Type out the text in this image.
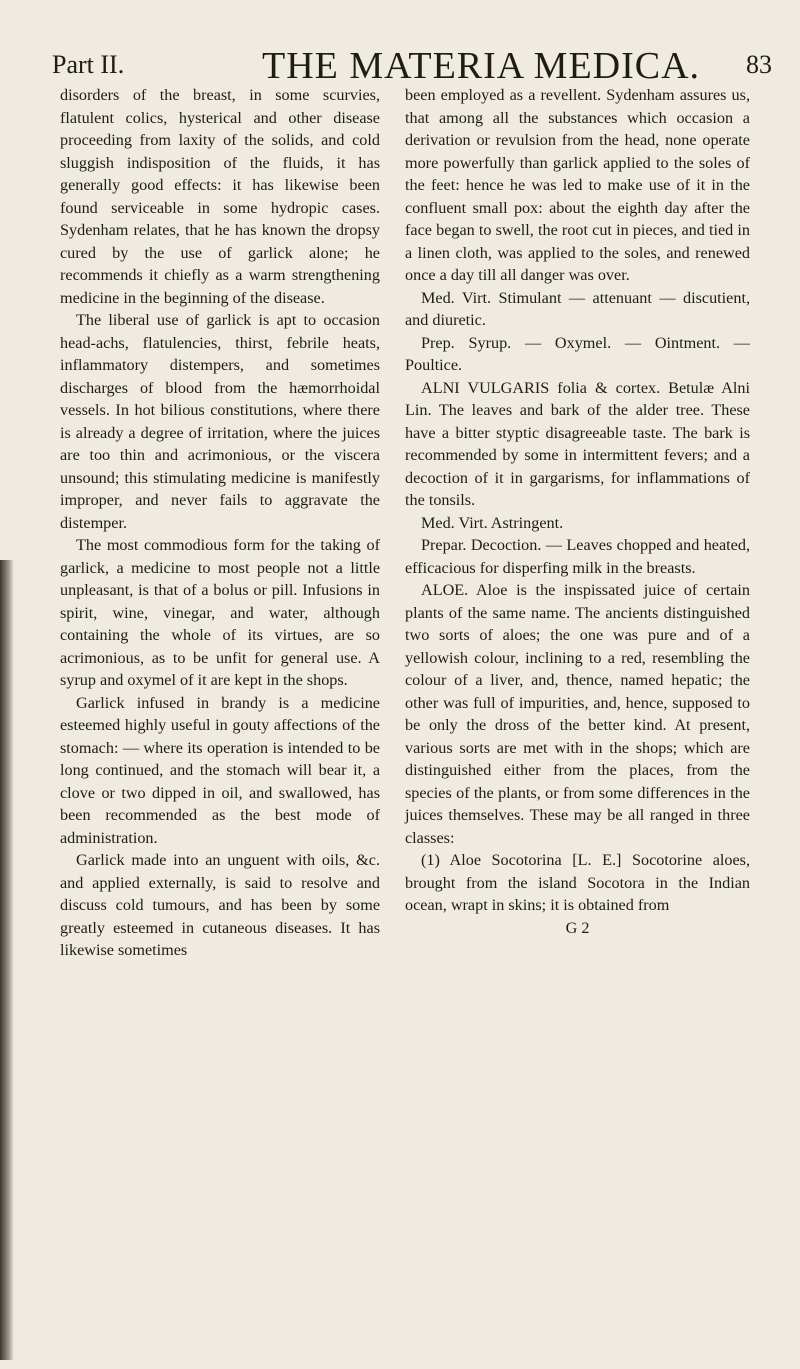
Part II.	THE MATERIA MEDICA. 83

disorders of the breast, in some scurvies, flatulent colics, hysterical and other disease proceeding from laxity of the solids, and cold sluggish indisposition of the fluids, it has generally good effects: it has likewise been found serviceable in some hydropic cases. Sydenham relates, that he has known the dropsy cured by the use of garlick alone; he recommends it chiefly as a warm strengthening medicine in the beginning of the disease.

The liberal use of garlick is apt to occasion head-achs, flatulencies, thirst, febrile heats, inflammatory distempers, and sometimes discharges of blood from the hæmorrhoidal vessels. In hot bilious constitutions, where there is already a degree of irritation, where the juices are too thin and acrimonious, or the viscera unsound; this stimulating medicine is manifestly improper, and never fails to aggravate the distemper.

The most commodious form for the taking of garlick, a medicine to most people not a little unpleasant, is that of a bolus or pill. Infusions in spirit, wine, vinegar, and water, although containing the whole of its virtues, are so acrimonious, as to be unfit for general use. A syrup and oxymel of it are kept in the shops.

Garlick infused in brandy is a medicine esteemed highly useful in gouty affections of the stomach: — where its operation is intended to be long continued, and the stomach will bear it, a clove or two dipped in oil, and swallowed, has been recommended as the best mode of administration.

Garlick made into an unguent with oils, &c. and applied externally, is said to resolve and discuss cold tumours, and has been by some greatly esteemed in cutaneous diseases. It has likewise sometimes

been employed as a revellent. Sydenham assures us, that among all the substances which occasion a derivation or revulsion from the head, none operate more powerfully than garlick applied to the soles of the feet: hence he was led to make use of it in the confluent small pox: about the eighth day after the face began to swell, the root cut in pieces, and tied in a linen cloth, was applied to the soles, and renewed once a day till all danger was over.

Med. Virt. Stimulant — attenuant — discutient, and diuretic.

Prep. Syrup. — Oxymel. — Ointment. — Poultice.

ALNI VULGARIS folia & cortex. Betulæ Alni Lin. The leaves and bark of the alder tree. These have a bitter styptic disagreeable taste. The bark is recommended by some in intermittent fevers; and a decoction of it in gargarisms, for inflammations of the tonsils.

Med. Virt. Astringent.

Prepar. Decoction. — Leaves chopped and heated, efficacious for disperfing milk in the breasts.

ALOE. Aloe is the inspissated juice of certain plants of the same name. The ancients distinguished two sorts of aloes; the one was pure and of a yellowish colour, inclining to a red, resembling the colour of a liver, and, thence, named hepatic; the other was full of impurities, and, hence, supposed to be only the dross of the better kind. At present, various sorts are met with in the shops; which are distinguished either from the places, from the species of the plants, or from some differences in the juices themselves. These may be all ranged in three classes:

(1) Aloe Socotorina [L. E.] Socotorine aloes, brought from the island Socotora in the Indian ocean, wrapt in skins; it is obtained from

G 2
